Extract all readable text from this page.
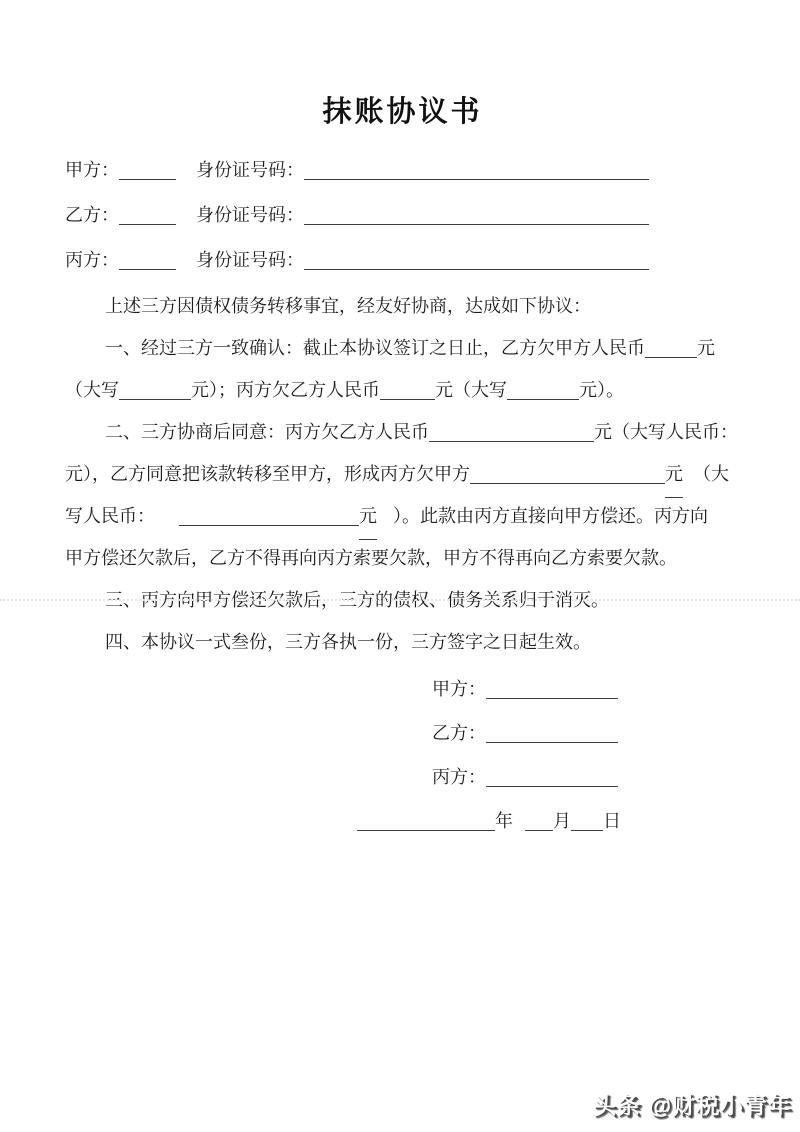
抹账协议书
甲方：	身份证号码：
乙方：	身份证号码：
丙方：	身份证号码：
上述三方因债权债务转移事宜，经友好协商，达成如下协议：
一、经过三方一致确认：截止本协议签订之日止，乙方欠甲方人民币	元
（大写	元）；丙方欠乙方人民币	元（大写	元）。
二、三方协商后同意：丙方欠乙方人民币	元（大写人民币：
元），乙方同意把该款转移至甲方，形成丙方欠甲方	元 （大
写人民币：	元 ）。此款由丙方直接向甲方偿还。丙方向
甲方偿还欠款后，乙方不得再向丙方索要欠款，甲方不得再向乙方索要欠款。
三、丙方向甲方偿还欠款后，三方的债权、债务关系归于消灭。
四、本协议一式叁份，三方各执一份，三方签字之日起生效。
甲方：
乙方：
丙方：
年 月 日
头条 @财税小青年
